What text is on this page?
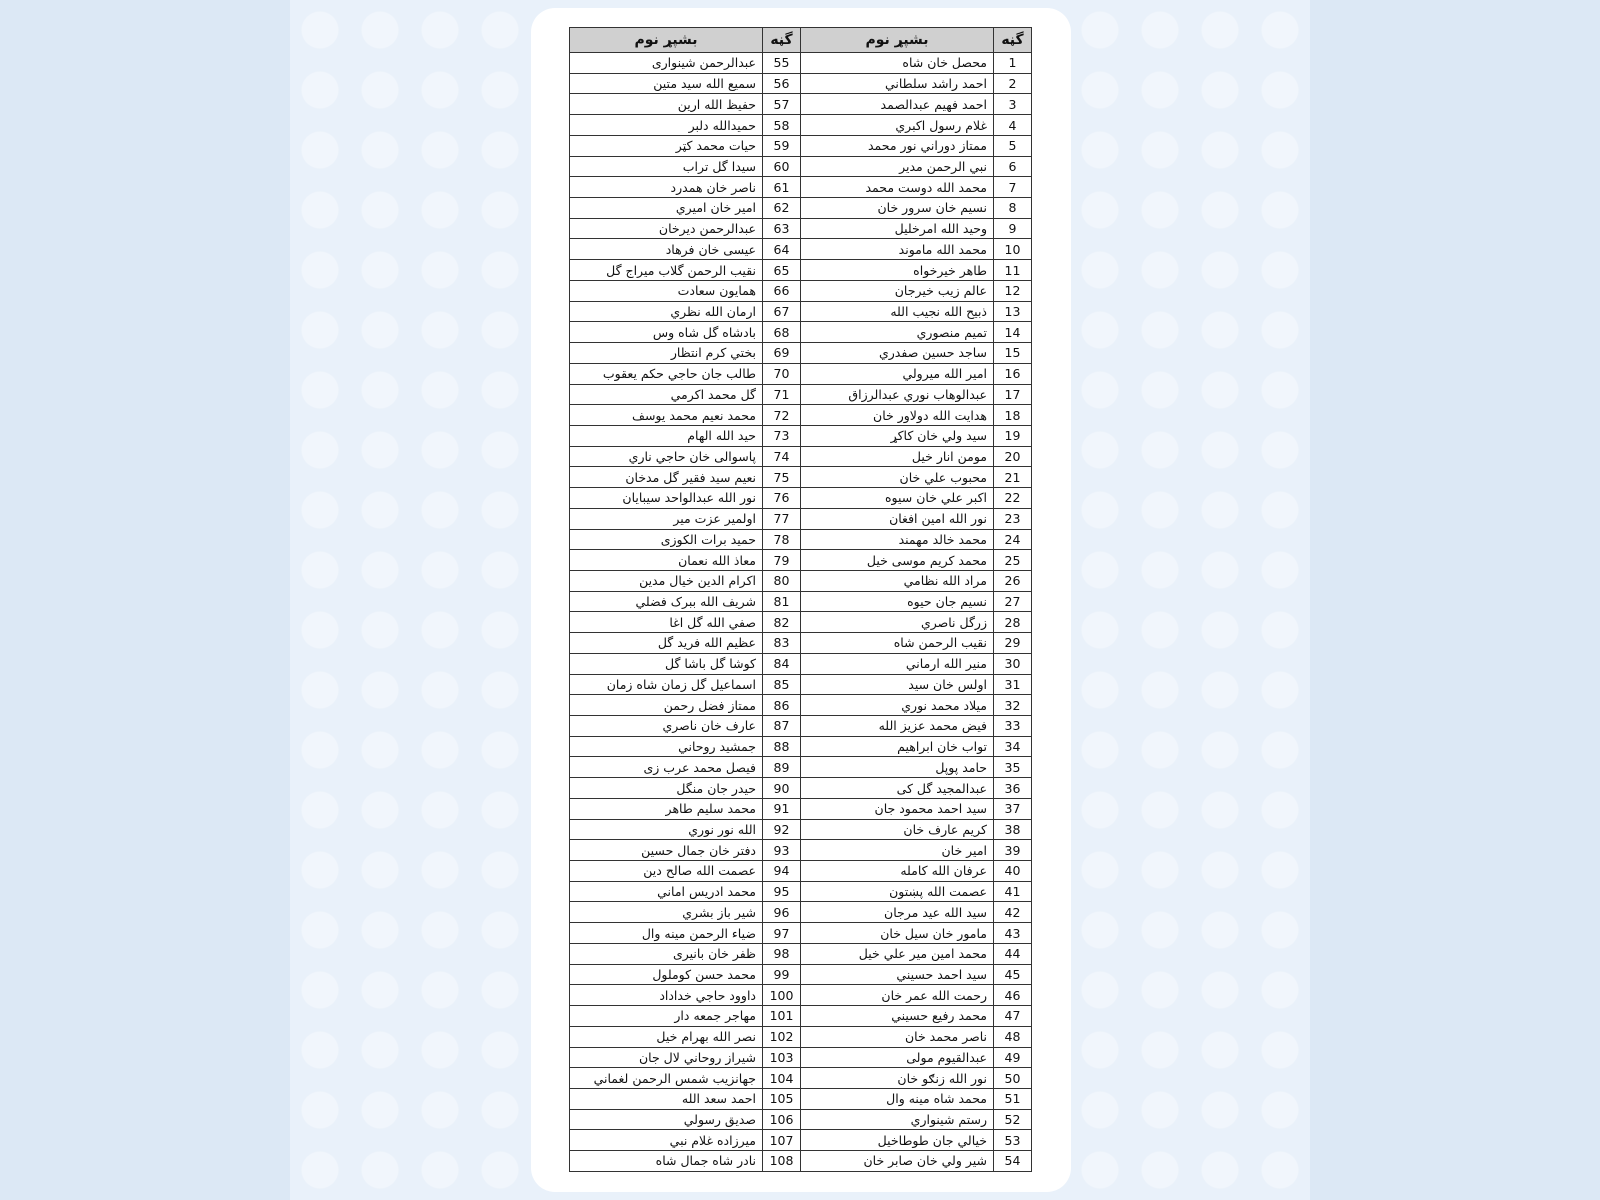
گڼه	بشپړ نوم	گڼه	بشپړ نوم
1	محصل خان شاه	55	عبدالرحمن شینواری
2	احمد راشد سلطاني	56	سمیع الله سید متین
3	احمد فهیم عبدالصمد	57	حفیظ الله ارین
4	غلام رسول اکبري	58	حمیدالله دلبر
5	ممتاز دوراني نور محمد	59	حیات محمد کټر
6	نبي الرحمن مدير	60	سیدا گل تراب
7	محمد الله دوست محمد	61	ناصر خان همدرد
8	نسیم خان سرور خان	62	امیر خان امیري
9	وحید الله امرخلیل	63	عبدالرحمن ديرخان
10	محمد الله ماموند	64	عیسی خان فرهاد
11	طاهر خيرخواه	65	نقیب الرحمن گلاب میراج گل
12	عالم زيب خيرجان	66	همایون سعادت
13	ذبیح الله نجیب الله	67	ارمان الله نظري
14	تمیم منصوري	68	بادشاه گل شاه وس
15	ساجد حسین صفدري	69	بختي کرم انتظار
16	امیر الله میرولي	70	طالب جان حاجي حکم یعقوب
17	عبدالوهاب نوري عبدالرزاق	71	گل محمد اکرمي
18	هدایت الله دولاور خان	72	محمد نعیم محمد یوسف
19	سید ولي خان کاکړ	73	حید الله الهام
20	مومن انار خیل	74	پاسوالی خان حاجي ناري
21	محبوب علي خان	75	نعیم سید فقیر گل مدخان
22	اکبر علي خان سیوه	76	نور الله عبدالواحد سیبايان
23	نور الله امین افغان	77	اولمیر عزت میر
24	محمد خالد مهمند	78	حمید برات الکوزی
25	محمد کریم موسی خیل	79	معاذ الله نعمان
26	مراد الله نظامي	80	اکرام الدين خیال مدين
27	نسیم جان حیوه	81	شریف الله ببرک فضلي
28	زرگل ناصري	82	صفي الله گل اغا
29	نقیب الرحمن شاه	83	عظیم الله فرید گل
30	منیر الله ارماني	84	کوشا گل باشا گل
31	اولس خان سید	85	اسماعیل گل زمان شاه زمان
32	میلاد محمد نوري	86	ممتاز فضل رحمن
33	فیض محمد عزيز الله	87	عارف خان ناصري
34	تواب خان ابراهیم	88	جمشید روحاني
35	حامد پوپل	89	فیصل محمد عرب زی
36	عبدالمجید گل کی	90	حیدر جان منگل
37	سید احمد محمود جان	91	محمد سلیم طاهر
38	کریم عارف خان	92	الله نور نوري
39	امیر خان	93	دفتر خان جمال حسین
40	عرفان الله کامله	94	عصمت الله صالح دين
41	عصمت الله پښتون	95	محمد ادریس اماني
42	سید الله عید مرجان	96	شیر باز بشري
43	مامور خان سیل خان	97	ضیاء الرحمن مینه وال
44	محمد امين مير علي خیل	98	ظفر خان بانیری
45	سید احمد حسیني	99	محمد حسن کوملول
46	رحمت الله عمر خان	100	داوود حاجي خداداد
47	محمد رفیع حسیني	101	مهاجر جمعه دار
48	ناصر محمد خان	102	نصر الله بهرام خیل
49	عبدالقیوم مولی	103	شیراز روحاني لال جان
50	نور الله زنګو خان	104	جهانزیب شمس الرحمن لغماني
51	محمد شاه مینه وال	105	احمد سعد الله
52	رستم شینواري	106	صديق رسولي
53	خیالي جان طوطاخیل	107	میرزاده غلام نبي
54	شیر ولي خان صابر خان	108	نادر شاه جمال شاه
